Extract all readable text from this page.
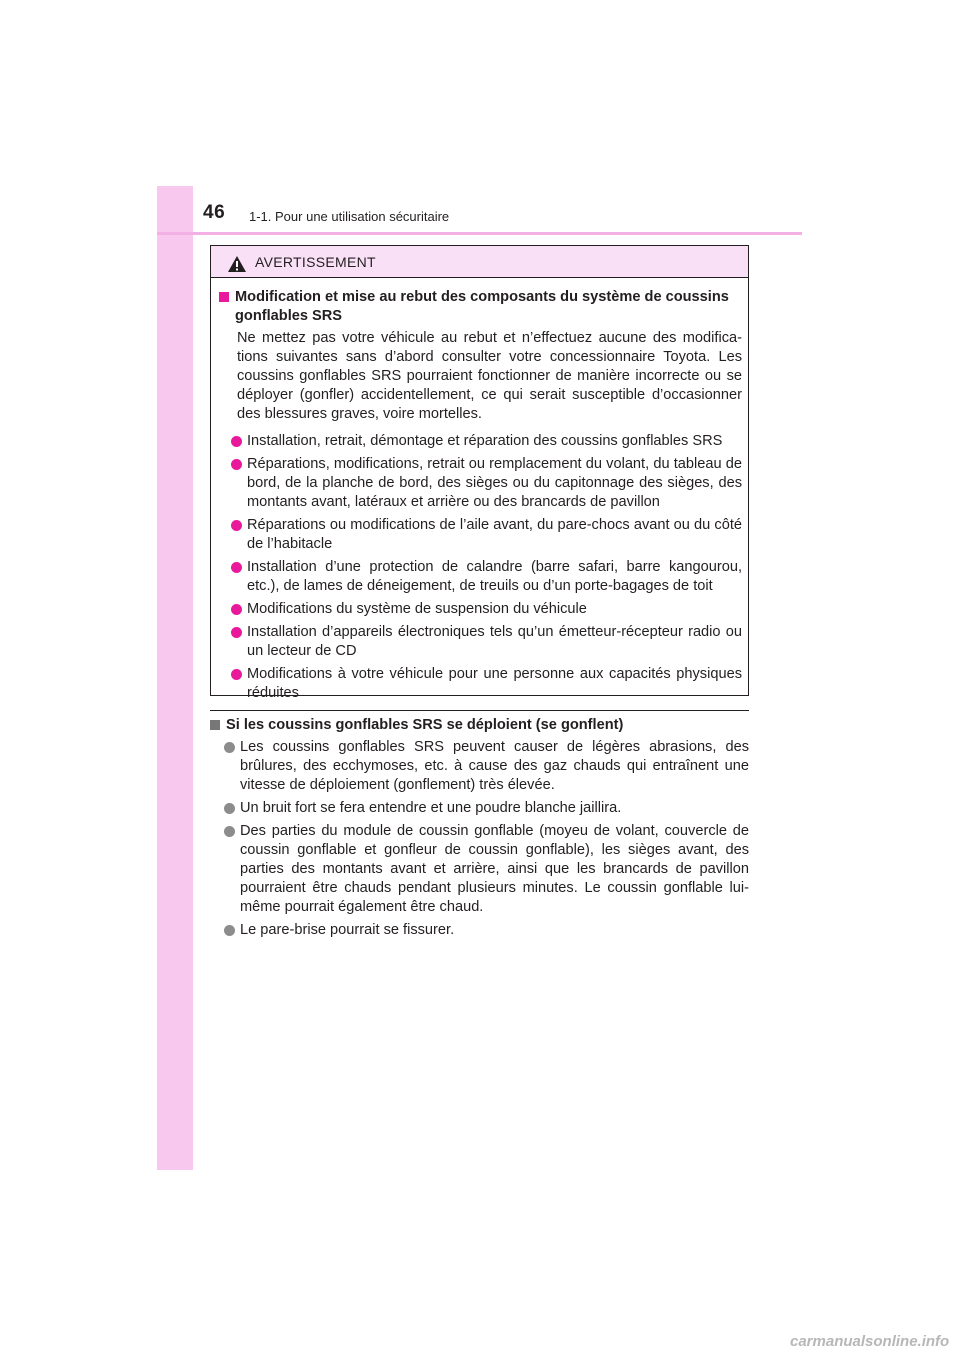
46 1-1. Pour une utilisation sécuritaire
AVERTISSEMENT
Modification et mise au rebut des composants du système de coussins gonflables SRS
Ne mettez pas votre véhicule au rebut et n’effectuez aucune des modifications suivantes sans d’abord consulter votre concessionnaire Toyota. Les coussins gonflables SRS pourraient fonctionner de manière incorrecte ou se déployer (gonfler) accidentellement, ce qui serait susceptible d’occasionner des blessures graves, voire mortelles.
Installation, retrait, démontage et réparation des coussins gonflables SRS
Réparations, modifications, retrait ou remplacement du volant, du tableau de bord, de la planche de bord, des sièges ou du capitonnage des sièges, des montants avant, latéraux et arrière ou des brancards de pavillon
Réparations ou modifications de l’aile avant, du pare-chocs avant ou du côté de l’habitacle
Installation d’une protection de calandre (barre safari, barre kangourou, etc.), de lames de déneigement, de treuils ou d’un porte-bagages de toit
Modifications du système de suspension du véhicule
Installation d’appareils électroniques tels qu’un émetteur-récepteur radio ou un lecteur de CD
Modifications à votre véhicule pour une personne aux capacités physiques réduites
Si les coussins gonflables SRS se déploient (se gonflent)
Les coussins gonflables SRS peuvent causer de légères abrasions, des brûlures, des ecchymoses, etc. à cause des gaz chauds qui entraînent une vitesse de déploiement (gonflement) très élevée.
Un bruit fort se fera entendre et une poudre blanche jaillira.
Des parties du module de coussin gonflable (moyeu de volant, couvercle de coussin gonflable et gonfleur de coussin gonflable), les sièges avant, des parties des montants avant et arrière, ainsi que les brancards de pavillon pourraient être chauds pendant plusieurs minutes. Le coussin gonflable lui-même pourrait également être chaud.
Le pare-brise pourrait se fissurer.
carmanualsonline.info
